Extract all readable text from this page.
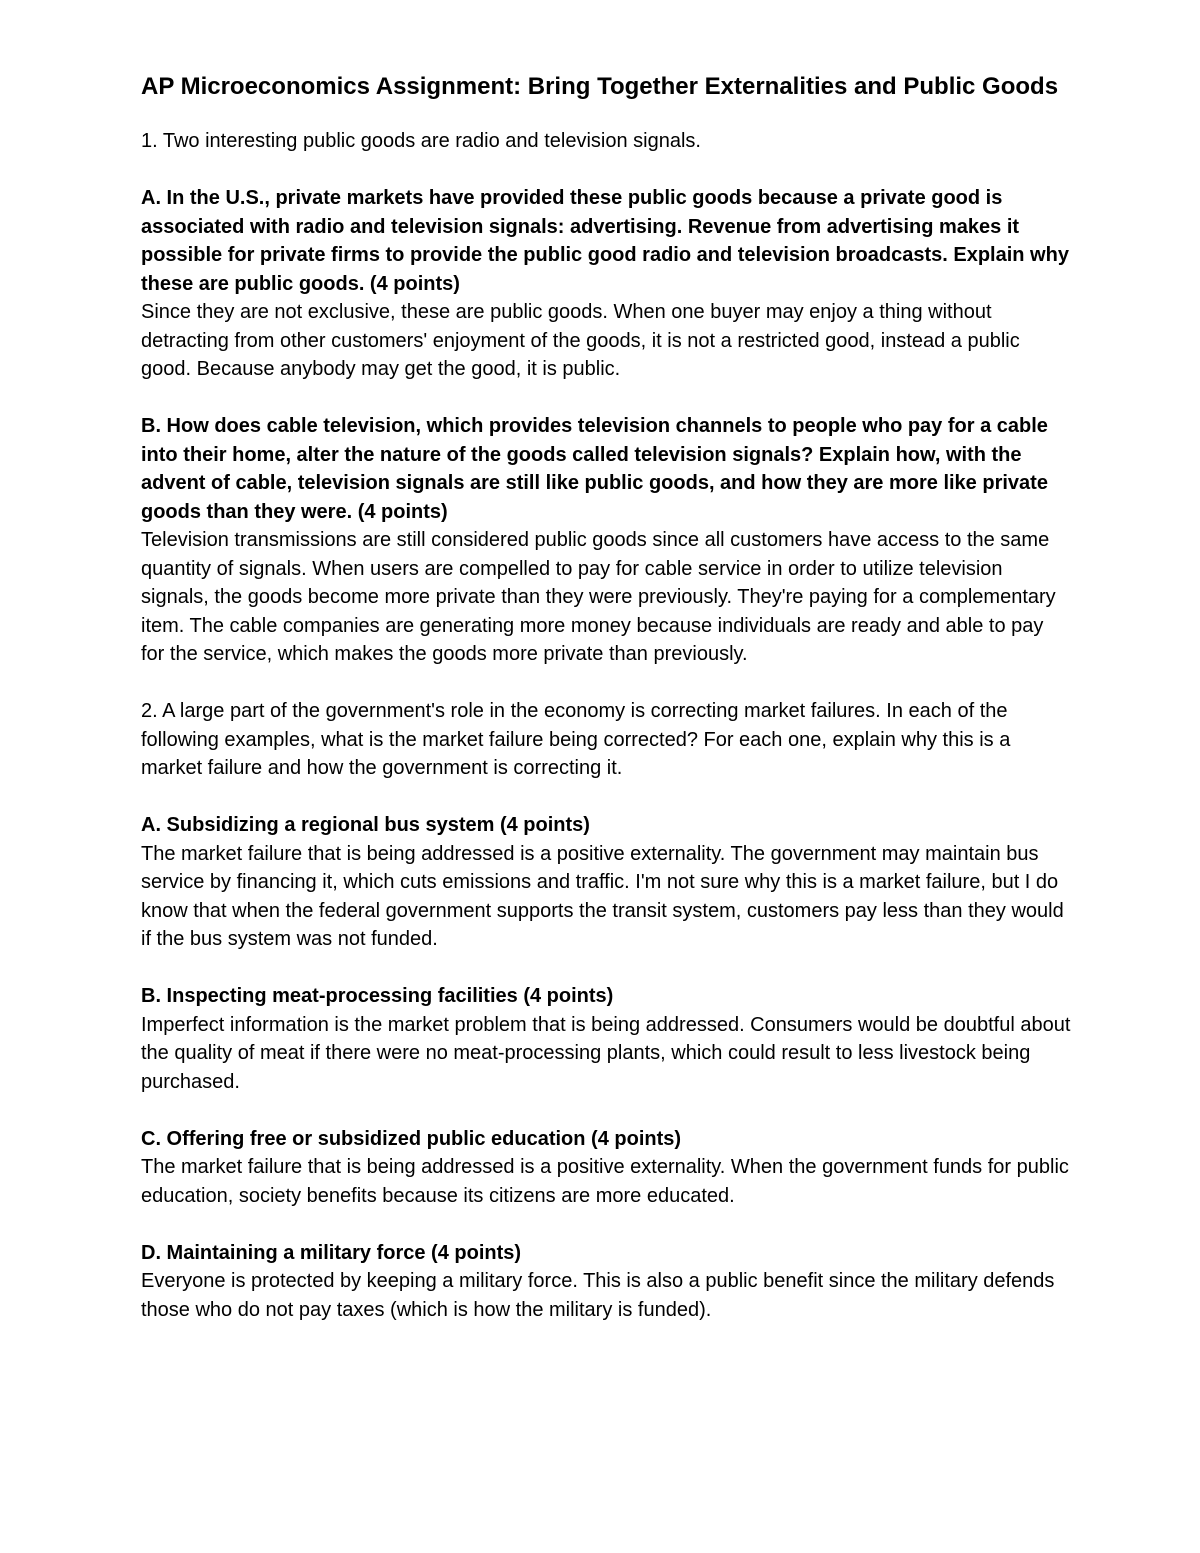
AP Microeconomics Assignment: Bring Together Externalities and Public Goods

1. Two interesting public goods are radio and television signals.

A. In the U.S., private markets have provided these public goods because a private good is associated with radio and television signals: advertising. Revenue from advertising makes it possible for private firms to provide the public good radio and television broadcasts. Explain why these are public goods. (4 points)

Since they are not exclusive, these are public goods. When one buyer may enjoy a thing without detracting from other customers' enjoyment of the goods, it is not a restricted good, instead a public good. Because anybody may get the good, it is public.

B. How does cable television, which provides television channels to people who pay for a cable into their home, alter the nature of the goods called television signals? Explain how, with the advent of cable, television signals are still like public goods, and how they are more like private goods than they were. (4 points)

Television transmissions are still considered public goods since all customers have access to the same quantity of signals. When users are compelled to pay for cable service in order to utilize television signals, the goods become more private than they were previously. They're paying for a complementary item. The cable companies are generating more money because individuals are ready and able to pay for the service, which makes the goods more private than previously.

2. A large part of the government's role in the economy is correcting market failures. In each of the following examples, what is the market failure being corrected? For each one, explain why this is a market failure and how the government is correcting it.

A. Subsidizing a regional bus system (4 points)

The market failure that is being addressed is a positive externality. The government may maintain bus service by financing it, which cuts emissions and traffic. I'm not sure why this is a market failure, but I do know that when the federal government supports the transit system, customers pay less than they would if the bus system was not funded.

B. Inspecting meat-processing facilities (4 points)

Imperfect information is the market problem that is being addressed. Consumers would be doubtful about the quality of meat if there were no meat-processing plants, which could result to less livestock being purchased.

C. Offering free or subsidized public education (4 points)

The market failure that is being addressed is a positive externality. When the government funds for public education, society benefits because its citizens are more educated.

D. Maintaining a military force (4 points)

Everyone is protected by keeping a military force. This is also a public benefit since the military defends those who do not pay taxes (which is how the military is funded).
